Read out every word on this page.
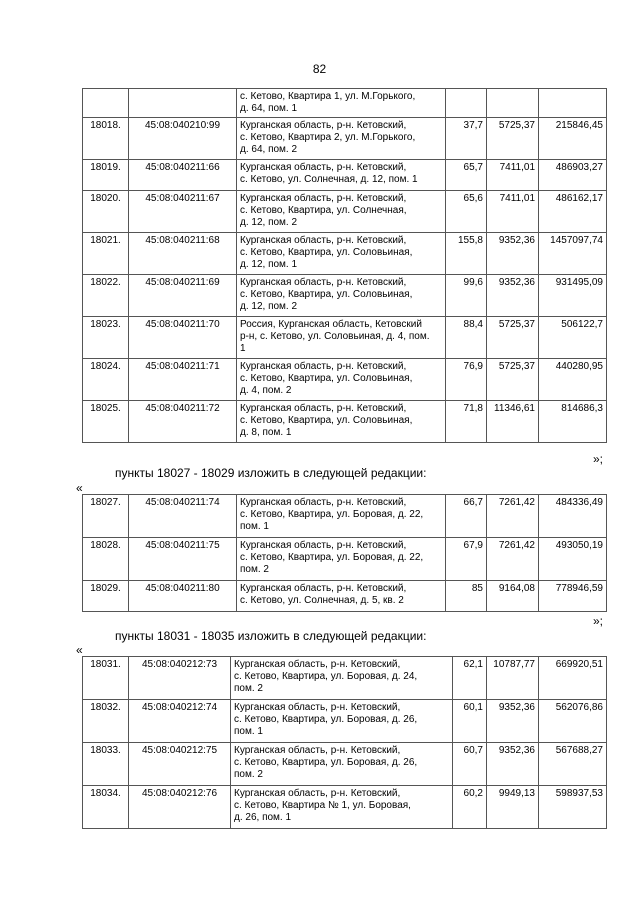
82

		с. Кетово, Квартира 1, ул. М.Горького,
д. 64, пом. 1			

18018.	45:08:040210:99	Курганская область, р-н. Кетовский,
с. Кетово, Квартира 2, ул. М.Горького,
д. 64, пом. 2	37,7	5725,37	215846,45
18019.	45:08:040211:66	Курганская область, р-н. Кетовский,
с. Кетово, ул. Солнечная, д. 12, пом. 1	65,7	7411,01	486903,27
18020.	45:08:040211:67	Курганская область, р-н. Кетовский,
с. Кетово, Квартира, ул. Солнечная,
д. 12, пом. 2	65,6	7411,01	486162,17
18021.	45:08:040211:68	Курганская область, р-н. Кетовский,
с. Кетово, Квартира, ул. Соловьиная,
д. 12, пом. 1	155,8	9352,36	1457097,74
18022.	45:08:040211:69	Курганская область, р-н. Кетовский,
с. Кетово, Квартира, ул. Соловьиная,
д. 12, пом. 2	99,6	9352,36	931495,09
18023.	45:08:040211:70	Россия, Курганская область, Кетовский
р-н, с. Кетово, ул. Соловьиная, д. 4, пом.
1	88,4	5725,37	506122,7
18024.	45:08:040211:71	Курганская область, р-н. Кетовский,
с. Кетово, Квартира, ул. Соловьиная,
д. 4, пом. 2	76,9	5725,37	440280,95
18025.	45:08:040211:72	Курганская область, р-н. Кетовский,
с. Кетово, Квартира, ул. Соловьиная,
д. 8, пом. 1	71,8	11346,61	814686,3
»;
пункты 18027 - 18029 изложить в следующей редакции:
«
18027.	45:08:040211:74	Курганская область, р-н. Кетовский,
с. Кетово, Квартира, ул. Боровая, д. 22,
пом. 1	66,7	7261,42	484336,49
18028.	45:08:040211:75	Курганская область, р-н. Кетовский,
с. Кетово, Квартира, ул. Боровая, д. 22,
пом. 2	67,9	7261,42	493050,19
18029.	45:08:040211:80	Курганская область, р-н. Кетовский,
с. Кетово, ул. Солнечная, д. 5, кв. 2	85	9164,08	778946,59
»;
пункты 18031 - 18035 изложить в следующей редакции:
«
18031.	45:08:040212:73	Курганская область, р-н. Кетовский,
с. Кетово, Квартира, ул. Боровая, д. 24,
пом. 2	62,1	10787,77	669920,51
18032.	45:08:040212:74	Курганская область, р-н. Кетовский,
с. Кетово, Квартира, ул. Боровая, д. 26,
пом. 1	60,1	9352,36	562076,86
18033.	45:08:040212:75	Курганская область, р-н. Кетовский,
с. Кетово, Квартира, ул. Боровая, д. 26,
пом. 2	60,7	9352,36	567688,27
18034.	45:08:040212:76	Курганская область, р-н. Кетовский,
с. Кетово, Квартира № 1, ул. Боровая,
д. 26, пом. 1	60,2	9949,13	598937,53
